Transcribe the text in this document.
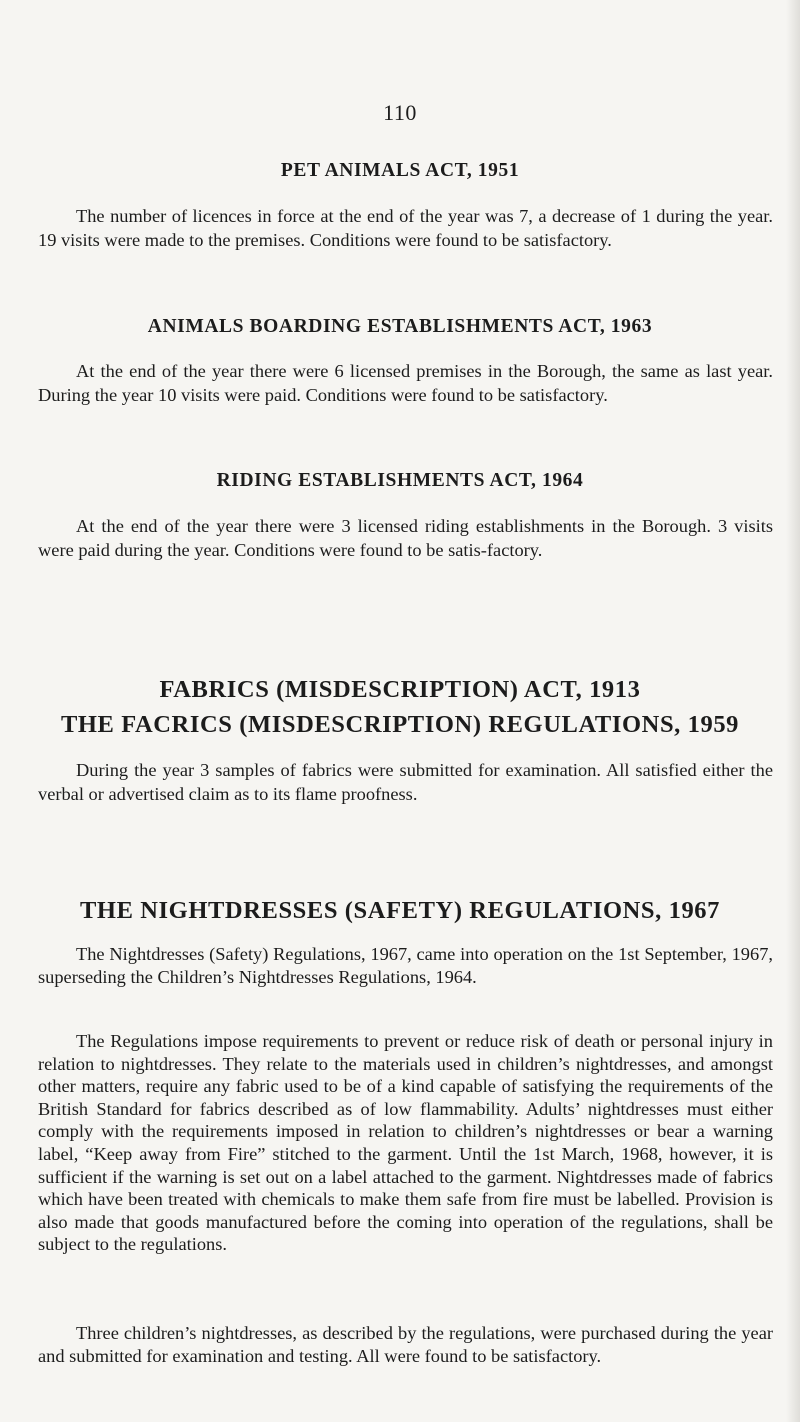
110
PET ANIMALS ACT, 1951

The number of licences in force at the end of the year was 7, a decrease of 1 during the year. 19 visits were made to the premises. Conditions were found to be satisfactory.

ANIMALS BOARDING ESTABLISHMENTS ACT, 1963

At the end of the year there were 6 licensed premises in the Borough, the same as last year. During the year 10 visits were paid. Conditions were found to be satisfactory.

RIDING ESTABLISHMENTS ACT, 1964

At the end of the year there were 3 licensed riding establishments in the Borough. 3 visits were paid during the year. Conditions were found to be satis-factory.

FABRICS (MISDESCRIPTION) ACT, 1913
THE FACRICS (MISDESCRIPTION) REGULATIONS, 1959

During the year 3 samples of fabrics were submitted for examination. All satisfied either the verbal or advertised claim as to its flame proofness.

THE NIGHTDRESSES (SAFETY) REGULATIONS, 1967

The Nightdresses (Safety) Regulations, 1967, came into operation on the 1st September, 1967, superseding the Children’s Nightdresses Regulations, 1964.

The Regulations impose requirements to prevent or reduce risk of death or personal injury in relation to nightdresses. They relate to the materials used in children’s nightdresses, and amongst other matters, require any fabric used to be of a kind capable of satisfying the requirements of the British Standard for fabrics described as of low flammability. Adults’ nightdresses must either comply with the requirements imposed in relation to children’s nightdresses or bear a warning label, “Keep away from Fire” stitched to the garment. Until the 1st March, 1968, however, it is sufficient if the warning is set out on a label attached to the garment. Nightdresses made of fabrics which have been treated with chemicals to make them safe from fire must be labelled. Provision is also made that goods manufactured before the coming into operation of the regulations, shall be subject to the regulations.

Three children’s nightdresses, as described by the regulations, were purchased during the year and submitted for examination and testing. All were found to be satisfactory.
